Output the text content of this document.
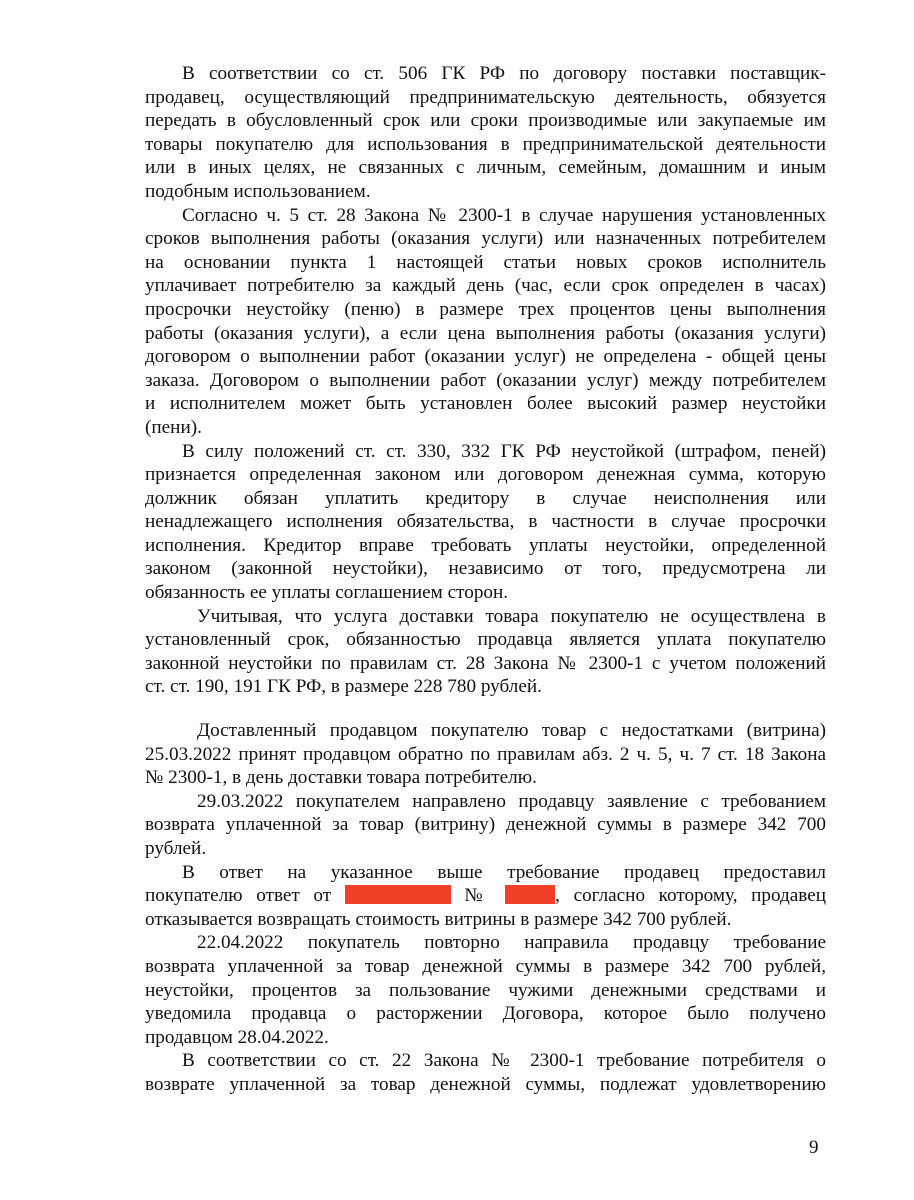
В соответствии со ст. 506 ГК РФ по договору поставки поставщик-
продавец, осуществляющий предпринимательскую деятельность, обязуется
передать в обусловленный срок или сроки производимые или закупаемые им
товары покупателю для использования в предпринимательской деятельности
или в иных целях, не связанных с личным, семейным, домашним и иным
подобным использованием.
Согласно ч. 5 ст. 28 Закона № 2300-1 в случае нарушения установленных
сроков выполнения работы (оказания услуги) или назначенных потребителем
на основании пункта 1 настоящей статьи новых сроков исполнитель
уплачивает потребителю за каждый день (час, если срок определен в часах)
просрочки неустойку (пеню) в размере трех процентов цены выполнения
работы (оказания услуги), а если цена выполнения работы (оказания услуги)
договором о выполнении работ (оказании услуг) не определена - общей цены
заказа. Договором о выполнении работ (оказании услуг) между потребителем
и исполнителем может быть установлен более высокий размер неустойки
(пени).
В силу положений ст. ст. 330, 332 ГК РФ неустойкой (штрафом, пеней)
признается определенная законом или договором денежная сумма, которую
должник обязан уплатить кредитору в случае неисполнения или
ненадлежащего исполнения обязательства, в частности в случае просрочки
исполнения. Кредитор вправе требовать уплаты неустойки, определенной
законом (законной неустойки), независимо от того, предусмотрена ли
обязанность ее уплаты соглашением сторон.
Учитывая, что услуга доставки товара покупателю не осуществлена в
установленный срок, обязанностью продавца является уплата покупателю
законной неустойки по правилам ст. 28 Закона № 2300-1 с учетом положений
ст. ст. 190, 191 ГК РФ, в размере 228 780 рублей.
Доставленный продавцом покупателю товар с недостатками (витрина)
25.03.2022 принят продавцом обратно по правилам абз. 2 ч. 5, ч. 7 ст. 18 Закона
№ 2300-1, в день доставки товара потребителю.
29.03.2022 покупателем направлено продавцу заявление с требованием
возврата уплаченной за товар (витрину) денежной суммы в размере 342 700
рублей.
В ответ на указанное выше требование продавец предоставил
покупателю ответ от	№	, согласно которому, продавец
отказывается возвращать стоимость витрины в размере 342 700 рублей.
22.04.2022 покупатель повторно направила продавцу требование
возврата уплаченной за товар денежной суммы в размере 342 700 рублей,
неустойки, процентов за пользование чужими денежными средствами и
уведомила продавца о расторжении Договора, которое было получено
продавцом 28.04.2022.
В соответствии со ст. 22 Закона № 2300-1 требование потребителя о
возврате уплаченной за товар денежной суммы, подлежат удовлетворению
9
